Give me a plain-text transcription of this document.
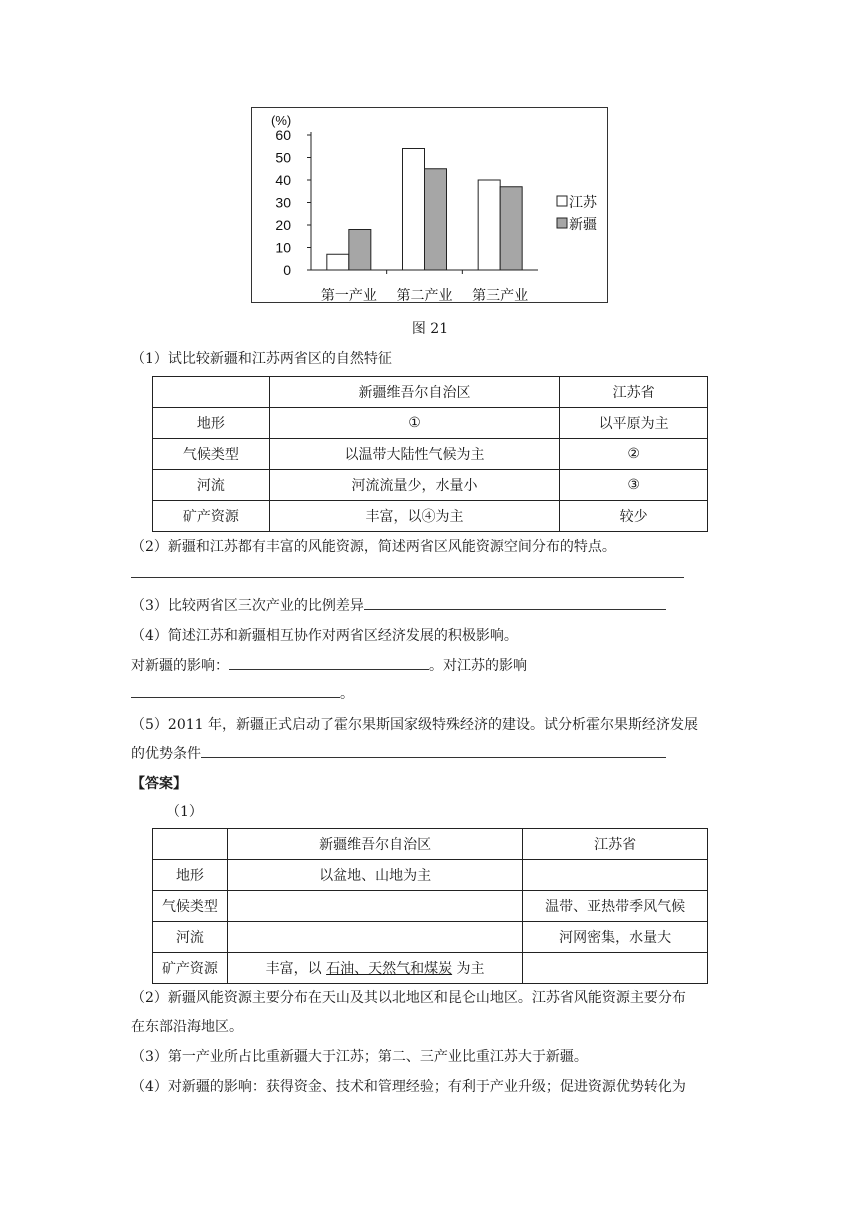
60
50
40
30
20
10
0
(%)
第一产业 第二产业 第三产业
江苏
新疆
图 21
（1）试比较新疆和江苏两省区的自然特征
	新疆维吾尔自治区	江苏省
地形	①	以平原为主
气候类型	以温带大陆性气候为主	②
河流	河流流量少，水量小	③
矿产资源	丰富，以④为主	较少
（2）新疆和江苏都有丰富的风能资源，简述两省区风能资源空间分布的特点。
（3）比较两省区三次产业的比例差异
（4）简述江苏和新疆相互协作对两省区经济发展的积极影响。
对新疆的影响：	。对江苏的影响
。
（5）2011 年，新疆正式启动了霍尔果斯国家级特殊经济的建设。试分析霍尔果斯经济发展
的优势条件
【答案】
（1）
	新疆维吾尔自治区	江苏省
地形	以盆地、山地为主	
气候类型		温带、亚热带季风气候
河流		河网密集，水量大
矿产资源	丰富，以 石油、天然气和煤炭 为主	
（2）新疆风能资源主要分布在天山及其以北地区和昆仑山地区。江苏省风能资源主要分布
在东部沿海地区。
（3）第一产业所占比重新疆大于江苏；第二、三产业比重江苏大于新疆。
（4）对新疆的影响：获得资金、技术和管理经验；有利于产业升级；促进资源优势转化为
